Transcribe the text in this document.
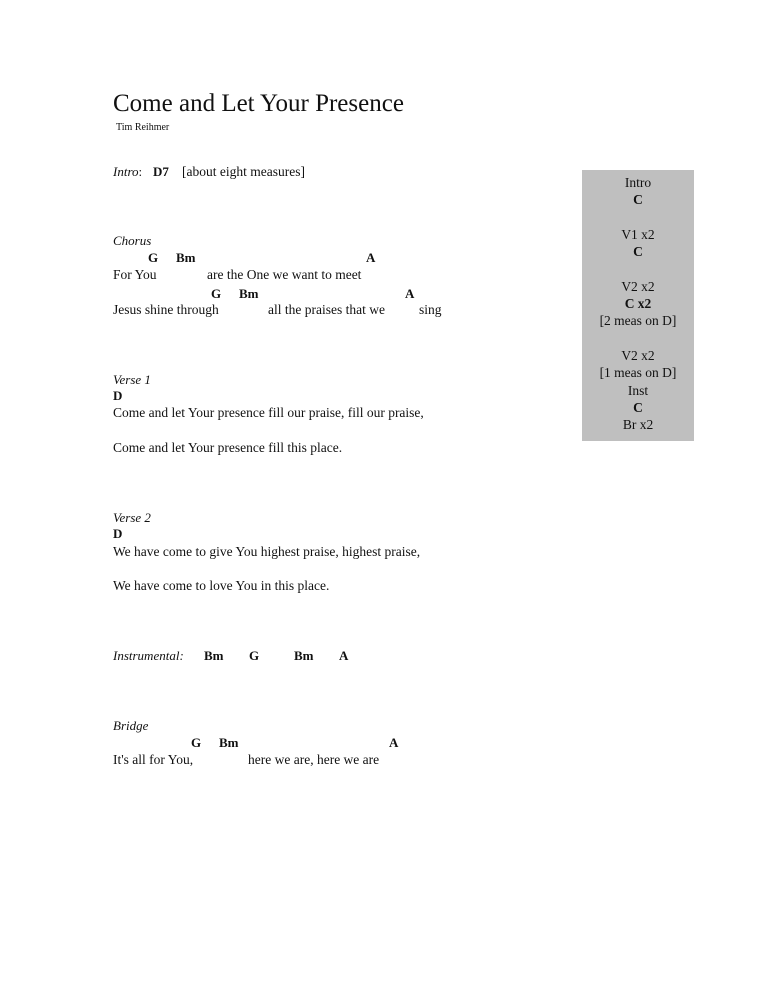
Come and Let Your Presence
Tim Reihmer
Intro: D7 [about eight measures]
Chorus
G Bm	A
For You	are the One we want to meet
G Bm	A
Jesus shine through	all the praises that we	sing
Verse 1
D
Come and let Your presence fill our praise, fill our praise,
Come and let Your presence fill this place.
Verse 2
D
We have come to give You highest praise, highest praise,
We have come to love You in this place.
Instrumental: Bm G	Bm A
Bridge
G Bm	A
It's all for You,	here we are, here we are
Intro
C
V1 x2
C
V2 x2
C x2
[2 meas on D]
V2 x2
[1 meas on D]
Inst
C
Br x2
